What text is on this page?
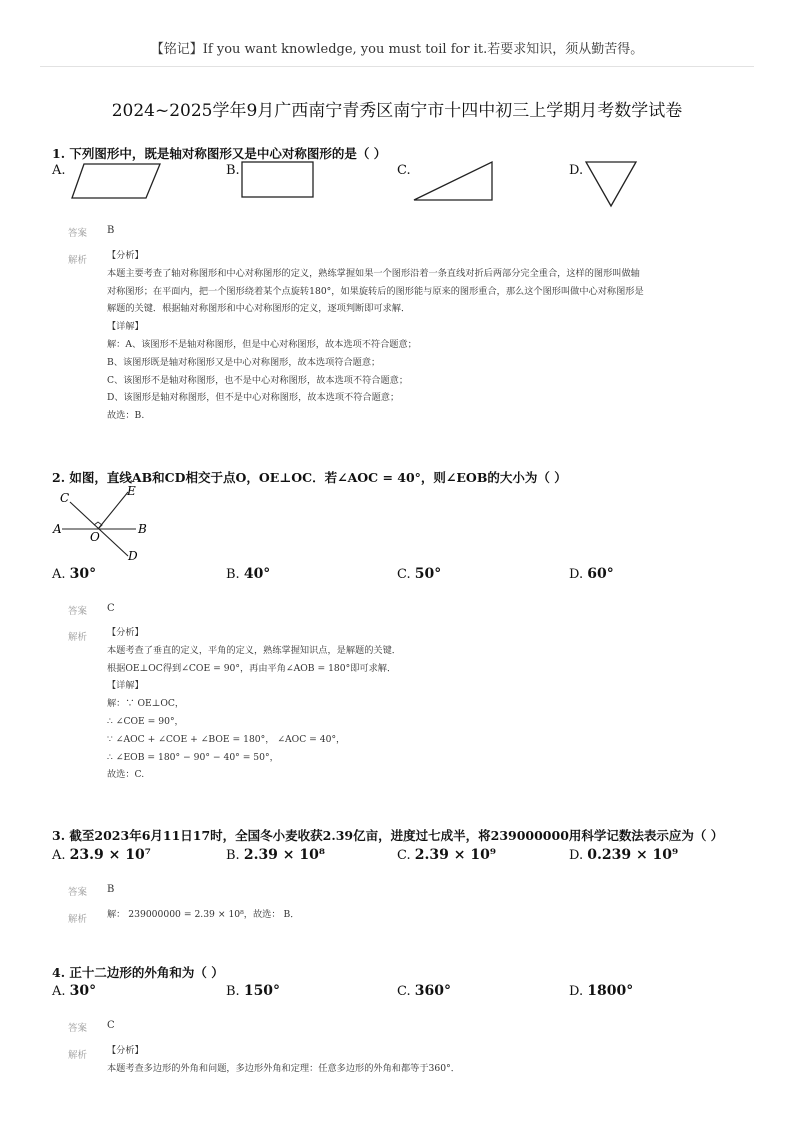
【铭记】If you want knowledge, you must toil for it.若要求知识，须从勤苦得。
2024~2025学年9月广西南宁青秀区南宁市十四中初三上学期月考数学试卷
1. 下列图形中，既是轴对称图形又是中心对称图形的是（ ）
A.	B.	C.	D.
答案 B
解析 【分析】
本题主要考查了轴对称图形和中心对称图形的定义，熟练掌握如果一个图形沿着一条直线对折后两部分完全重合，这样的图形叫做轴
对称图形；在平面内，把一个图形绕着某个点旋转180°，如果旋转后的图形能与原来的图形重合，那么这个图形叫做中心对称图形是
解题的关键．根据轴对称图形和中心对称图形的定义，逐项判断即可求解．
【详解】
解：A、该图形不是轴对称图形，但是中心对称图形，故本选项不符合题意；
B、该图形既是轴对称图形又是中心对称图形，故本选项符合题意；
C、该图形不是轴对称图形，也不是中心对称图形，故本选项不符合题意；
D、该图形是轴对称图形，但不是中心对称图形，故本选项不符合题意；
故选：B.
2. 如图，直线AB和CD相交于点O，OE⊥OC．若∠AOC = 40°，则∠EOB的大小为（ ）
C	E
A
O
B
D
A. 30°	B. 40°	C. 50°	D. 60°
答案 C
解析 【分析】
本题考查了垂直的定义，平角的定义，熟练掌握知识点，是解题的关键．
根据OE⊥OC得到∠COE = 90°，再由平角∠AOB = 180°即可求解．
【详解】
解：∵ OE⊥OC，
∴ ∠COE = 90°，
∵ ∠AOC + ∠COE + ∠BOE = 180°， ∠AOC = 40°，
∴ ∠EOB = 180° − 90° − 40° = 50°，
故选：C.
3. 截至2023年6月11日17时，全国冬小麦收获2.39亿亩，进度过七成半，将239000000用科学记数法表示应为（ ）
A. 23.9 × 10⁷	B. 2.39 × 10⁸	C. 2.39 × 10⁹	D. 0.239 × 10⁹
答案 B
解析 解： 239000000 = 2.39 × 10⁸，故选： B．
4. 正十二边形的外角和为（ ）
A. 30°	B. 150°	C. 360°	D. 1800°
答案 C
解析 【分析】
本题考查多边形的外角和问题，多边形外角和定理：任意多边形的外角和都等于360°．
